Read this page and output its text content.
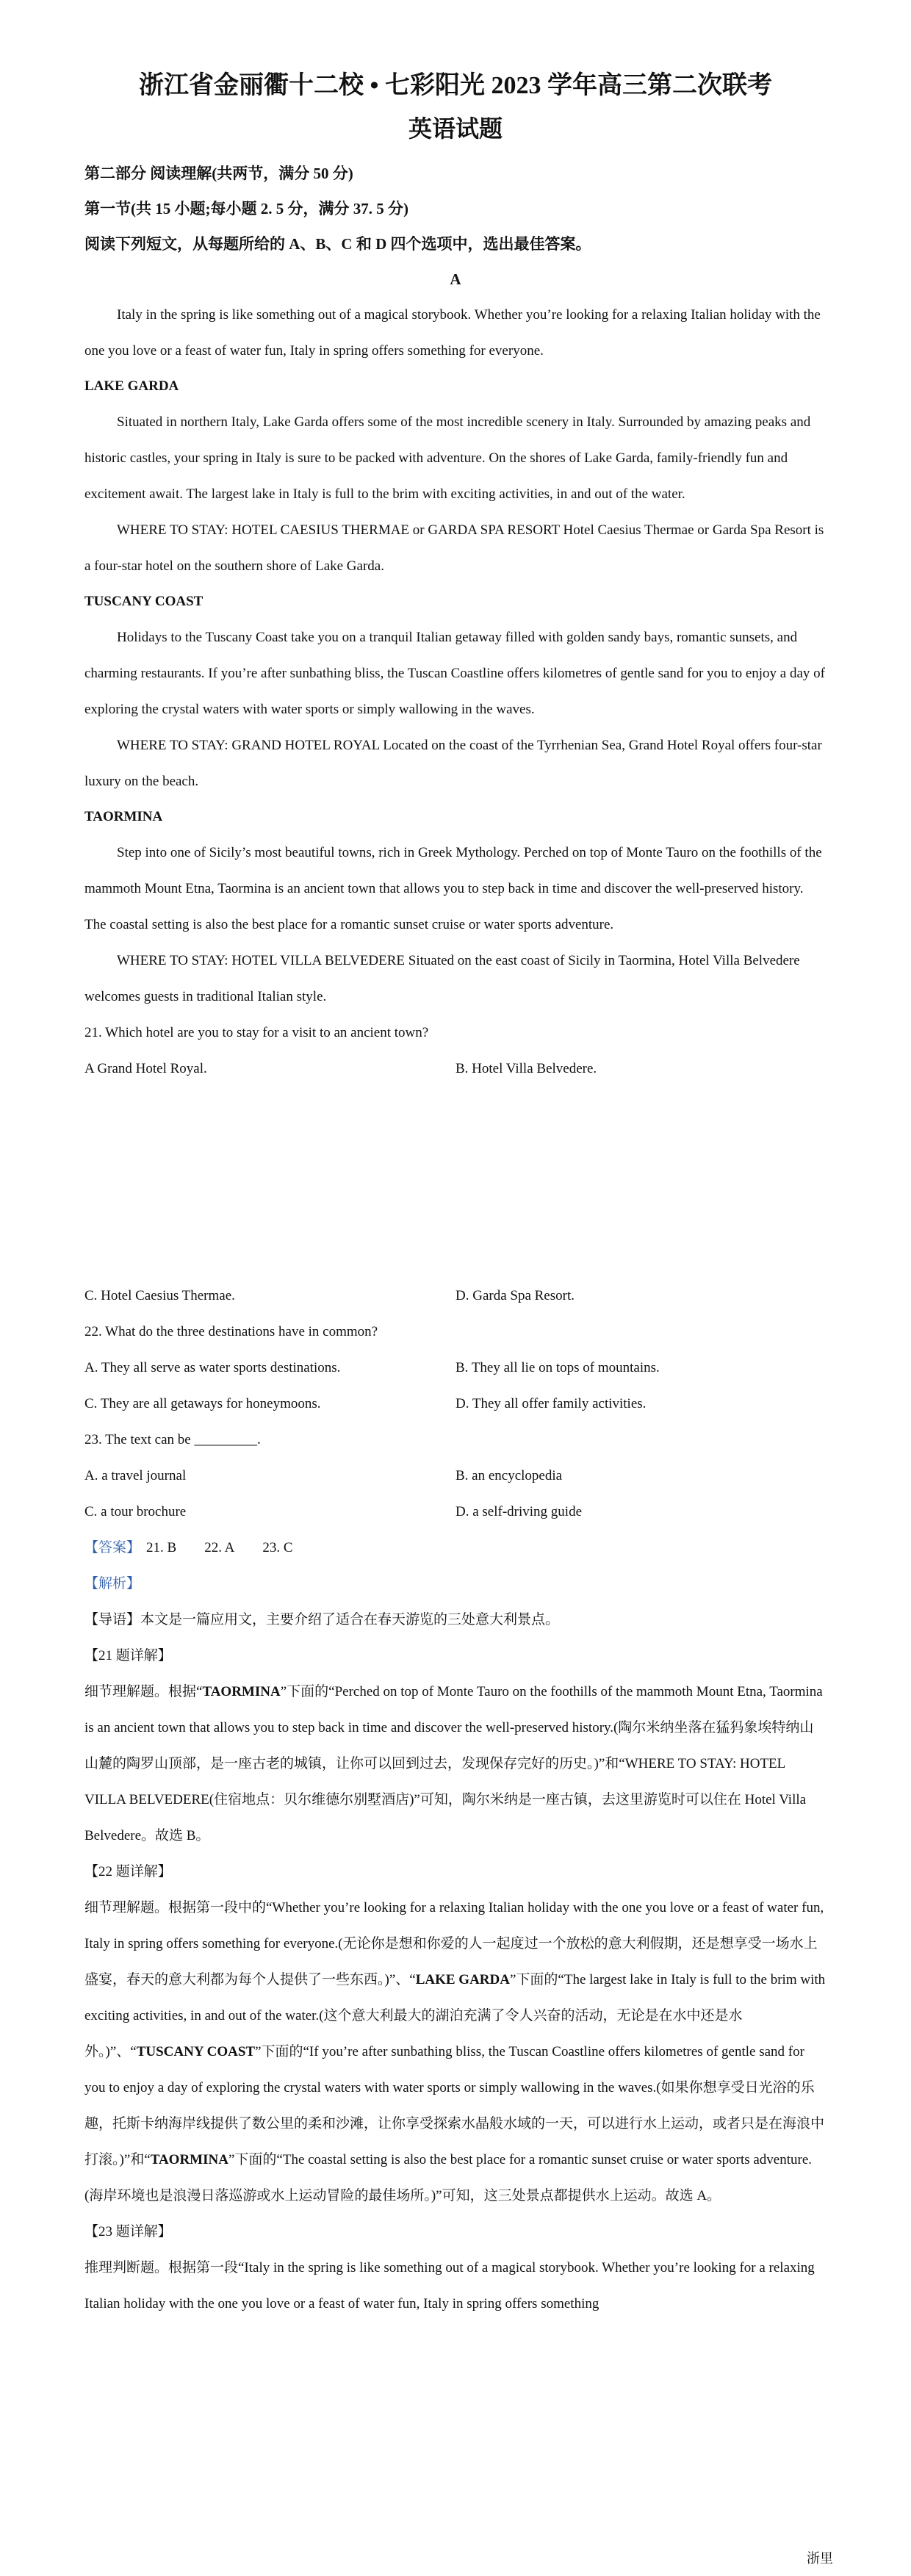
浙江省金丽衢十二校 • 七彩阳光 2023 学年高三第二次联考
英语试题

第二部分 阅读理解(共两节，满分 50 分)

第一节(共 15 小题;每小题 2. 5 分，满分 37. 5 分)

阅读下列短文，从每题所给的 A、B、C 和 D 四个选项中，选出最佳答案。

A

Italy in the spring is like something out of a magical storybook. Whether you’re looking for a relaxing Italian holiday with the one you love or a feast of water fun, Italy in spring offers something for everyone.

LAKE GARDA

Situated in northern Italy, Lake Garda offers some of the most incredible scenery in Italy. Surrounded by amazing peaks and historic castles, your spring in Italy is sure to be packed with adventure. On the shores of Lake Garda, family-friendly fun and excitement await. The largest lake in Italy is full to the brim with exciting activities, in and out of the water.

WHERE TO STAY: HOTEL CAESIUS THERMAE or GARDA SPA RESORT Hotel Caesius Thermae or Garda Spa Resort is a four-star hotel on the southern shore of Lake Garda.

TUSCANY COAST

Holidays to the Tuscany Coast take you on a tranquil Italian getaway filled with golden sandy bays, romantic sunsets, and charming restaurants. If you’re after sunbathing bliss, the Tuscan Coastline offers kilometres of gentle sand for you to enjoy a day of exploring the crystal waters with water sports or simply wallowing in the waves.

WHERE TO STAY: GRAND HOTEL ROYAL Located on the coast of the Tyrrhenian Sea, Grand Hotel Royal offers four-star luxury on the beach.

TAORMINA

Step into one of Sicily’s most beautiful towns, rich in Greek Mythology. Perched on top of Monte Tauro on the foothills of the mammoth Mount Etna, Taormina is an ancient town that allows you to step back in time and discover the well-preserved history. The coastal setting is also the best place for a romantic sunset cruise or water sports adventure.

WHERE TO STAY: HOTEL VILLA BELVEDERE Situated on the east coast of Sicily in Taormina, Hotel Villa Belvedere welcomes guests in traditional Italian style.

21. Which hotel are you to stay for a visit to an ancient town?

A Grand Hotel Royal.	B. Hotel Villa Belvedere.
C. Hotel Caesius Thermae.	D. Garda Spa Resort.

22. What do the three destinations have in common?

A. They all serve as water sports destinations.	B. They all lie on tops of mountains.
C. They are all getaways for honeymoons.	D. They all offer family activities.

23. The text can be _________.

A. a travel journal	B. an encyclopedia
C. a tour brochure	D. a self-driving guide

【答案】 21. B 22. A 23. C

【解析】

【导语】本文是一篇应用文，主要介绍了适合在春天游览的三处意大利景点。

【21 题详解】

细节理解题。根据“TAORMINA”下面的“Perched on top of Monte Tauro on the foothills of the mammoth Mount Etna, Taormina is an ancient town that allows you to step back in time and discover the well-preserved history.(陶尔米纳坐落在猛犸象埃特纳山山麓的陶罗山顶部，是一座古老的城镇，让你可以回到过去，发现保存完好的历史。)”和“WHERE TO STAY: HOTEL VILLA BELVEDERE(住宿地点：贝尔维德尔别墅酒店)”可知，陶尔米纳是一座古镇，去这里游览时可以住在 Hotel Villa Belvedere。故选 B。

【22 题详解】

细节理解题。根据第一段中的“Whether you’re looking for a relaxing Italian holiday with the one you love or a feast of water fun, Italy in spring offers something for everyone.(无论你是想和你爱的人一起度过一个放松的意大利假期，还是想享受一场水上盛宴，春天的意大利都为每个人提供了一些东西。)”、“LAKE GARDA”下面的“The largest lake in Italy is full to the brim with exciting activities, in and out of the water.(这个意大利最大的湖泊充满了令人兴奋的活动，无论是在水中还是水外。)”、“TUSCANY COAST”下面的“If you’re after sunbathing bliss, the Tuscan Coastline offers kilometres of gentle sand for you to enjoy a day of exploring the crystal waters with water sports or simply wallowing in the waves.(如果你想享受日光浴的乐趣，托斯卡纳海岸线提供了数公里的柔和沙滩，让你享受探索水晶般水域的一天，可以进行水上运动，或者只是在海浪中打滚。)”和“TAORMINA”下面的“The coastal setting is also the best place for a romantic sunset cruise or water sports adventure.(海岸环境也是浪漫日落巡游或水上运动冒险的最佳场所。)”可知，这三处景点都提供水上运动。故选 A。

【23 题详解】

推理判断题。根据第一段“Italy in the spring is like something out of a magical storybook. Whether you’re looking for a relaxing Italian holiday with the one you love or a feast of water fun, Italy in spring offers something

浙里
